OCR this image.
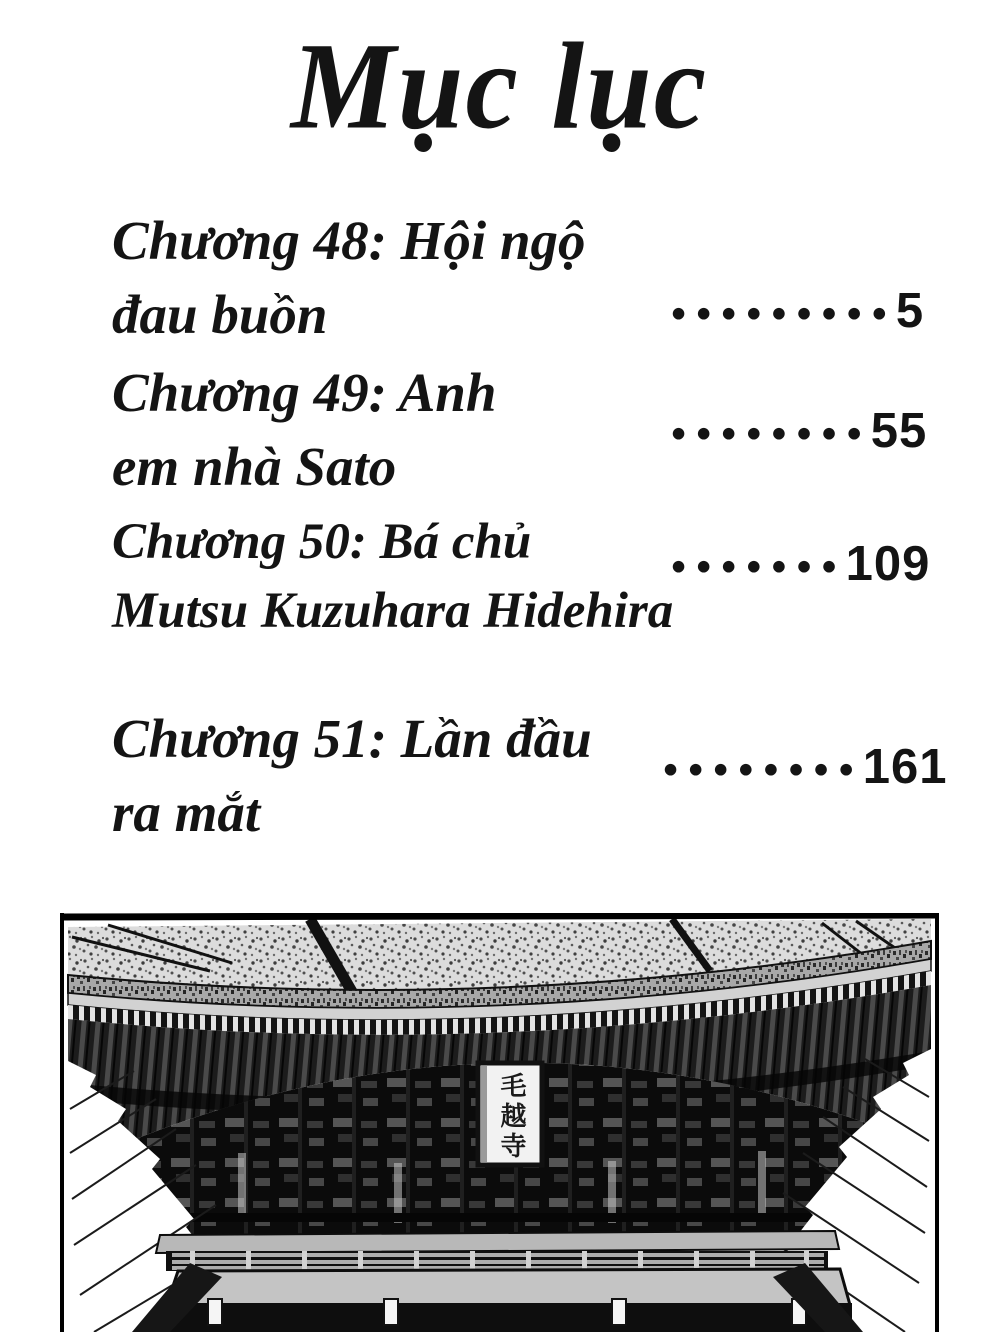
Mục lục
Chương 48: Hội ngộ
đau buồn	••••••••• 5
Chương 49: Anh
em nhà Sato
•••••••• 55
Chương 50: Bá chủ
Mutsu Kuzuhara Hidehira
••••••• 109
Chương 51: Lần đầu
ra mắt
•••••••• 161
毛越寺
